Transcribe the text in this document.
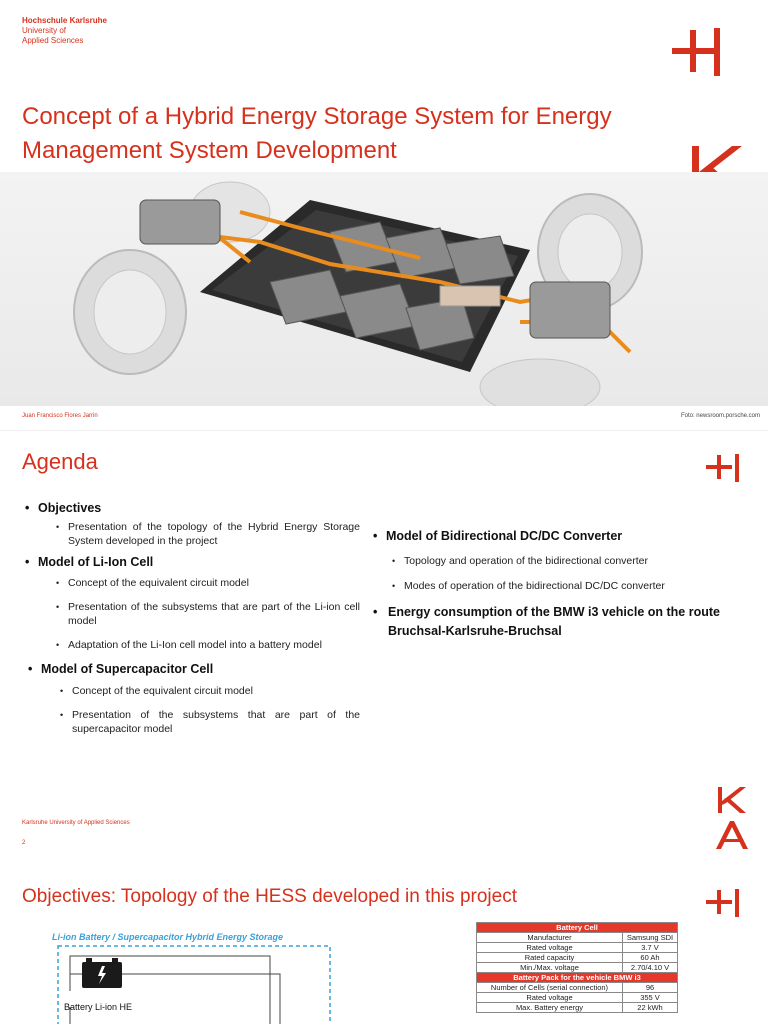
Hochschule Karlsruhe
University of
Applied Sciences
Concept of a Hybrid Energy Storage System for Energy
Management System Development
Juan Francisco Flores Jarrin	Foto: newsroom.porsche.com
Agenda
• Objectives
• Presentation of the topology of the Hybrid Energy Storage System developed in the project
• Model of Li-Ion Cell
• Concept of the equivalent circuit model
• Presentation of the subsystems that are part of the Li-ion cell model
• Adaptation of the Li-Ion cell model into a battery model
• Model of Supercapacitor Cell
• Concept of the equivalent circuit model
• Presentation of the subsystems that are part of the supercapacitor model
• Model of Bidirectional DC/DC Converter
• Topology and operation of the bidirectional converter
• Modes of operation of the bidirectional DC/DC converter
• Energy consumption of the BMW i3 vehicle on the route Bruchsal-Karlsruhe-Bruchsal
Karlsruhe University of Applied Sciences
2
Objectives: Topology of the HESS developed in this project
Li-ion Battery / Supercapacitor Hybrid Energy Storage
Battery Li-ion HE
Battery Cell	
Manufacturer	Samsung SDI
Rated voltage	3.7 V
Rated capacity	60 Ah
Min./Max. voltage	2.70/4.10 V
Battery Pack for the vehicle BMW i3	
Number of Cells (serial connection)	96
Rated voltage	355 V
Max. Battery energy	22 kWh
